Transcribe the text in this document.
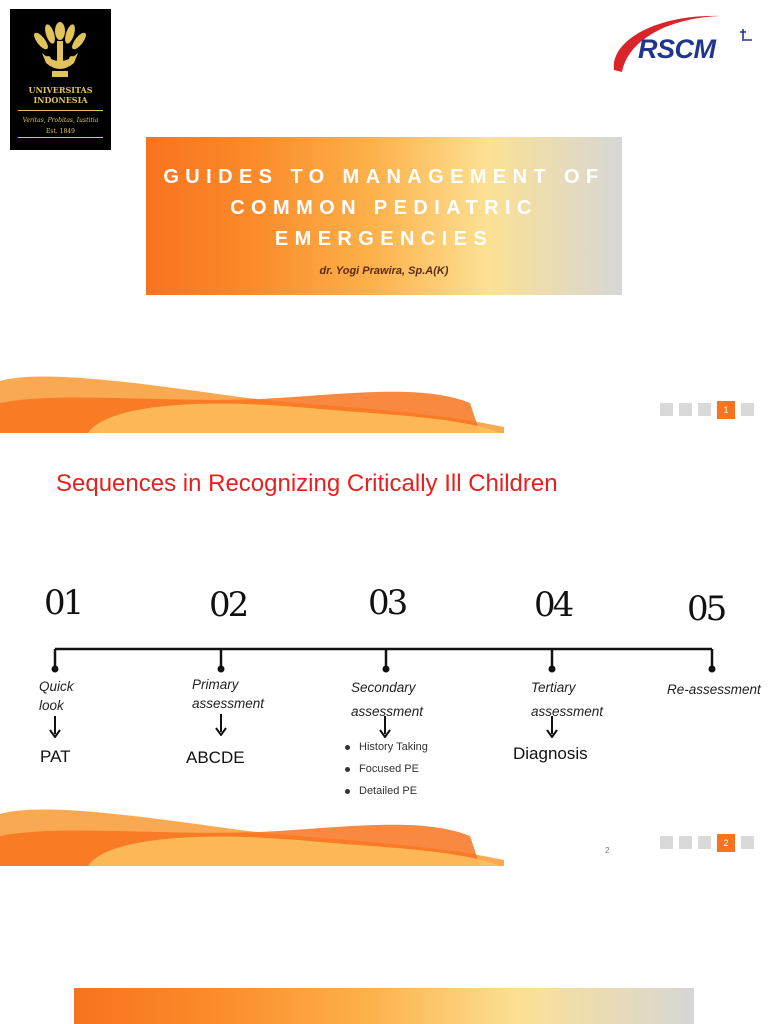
UNIVERSITAS
INDONESIA
Veritas, Probitas, Iustitia
Est. 1849
RSCM
GUIDES TO MANAGEMENT OF COMMON PEDIATRIC EMERGENCIES
dr. Yogi Prawira, Sp.A(K)
1
Sequences in Recognizing Critically Ill Children
01	02	03	04	05
Quick
look
Primary
assessment
Secondary
assessment
Tertiary
assessment
Re-assessment
PAT	ABCDE	Diagnosis
History Taking
Focused PE
Detailed PE
2
2
